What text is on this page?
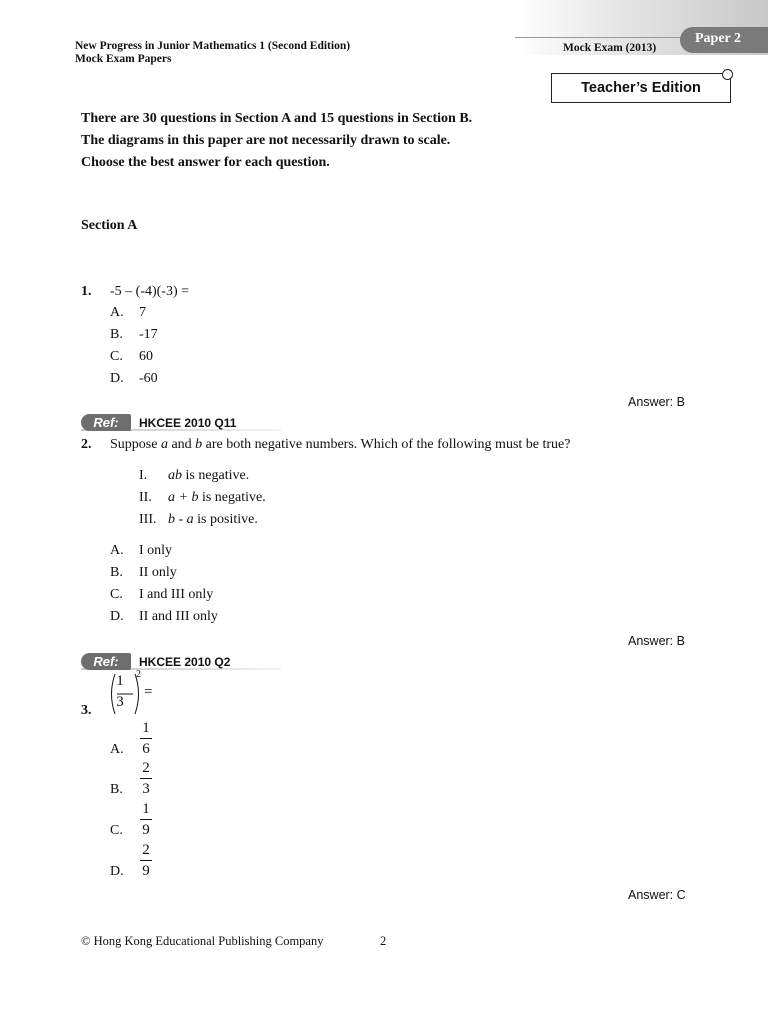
New Progress in Junior Mathematics 1 (Second Edition)
Mock Exam Papers
Mock Exam (2013)
Paper 2
Teacher’s Edition
There are 30 questions in Section A and 15 questions in Section B.
The diagrams in this paper are not necessarily drawn to scale.
Choose the best answer for each question.
Section A
1. -5 – (-4)(-3) =
A. 7
B. -17
C. 60
D. -60
Answer: B
Ref:	HKCEE 2010 Q11
2. Suppose a and b are both negative numbers. Which of the following must be true?
I. ab is negative.
II. a + b is negative.
III. b - a is positive.
A. I only
B. II only
C. I and III only
D. II and III only
Answer: B
Ref:	HKCEE 2010 Q2
3.
1
3
2
=
A.
1
6
B.
2
3
C.
1
9
D.
2
9
Answer: C
© Hong Kong Educational Publishing Company	2
